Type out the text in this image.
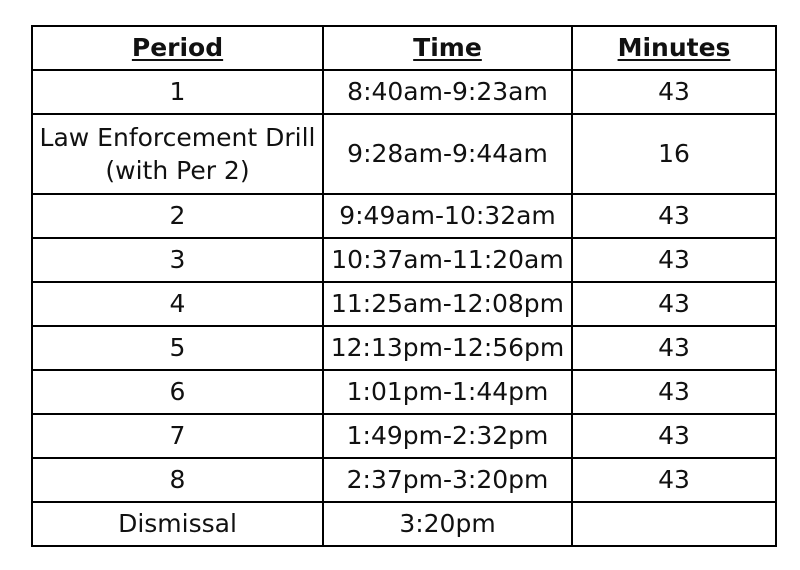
Period	Time	Minutes
1	8:40am-9:23am	43
Law Enforcement Drill (with Per 2)	9:28am-9:44am	16
2	9:49am-10:32am	43
3	10:37am-11:20am	43
4	11:25am-12:08pm	43
5	12:13pm-12:56pm	43
6	1:01pm-1:44pm	43
7	1:49pm-2:32pm	43
8	2:37pm-3:20pm	43
Dismissal	3:20pm	
